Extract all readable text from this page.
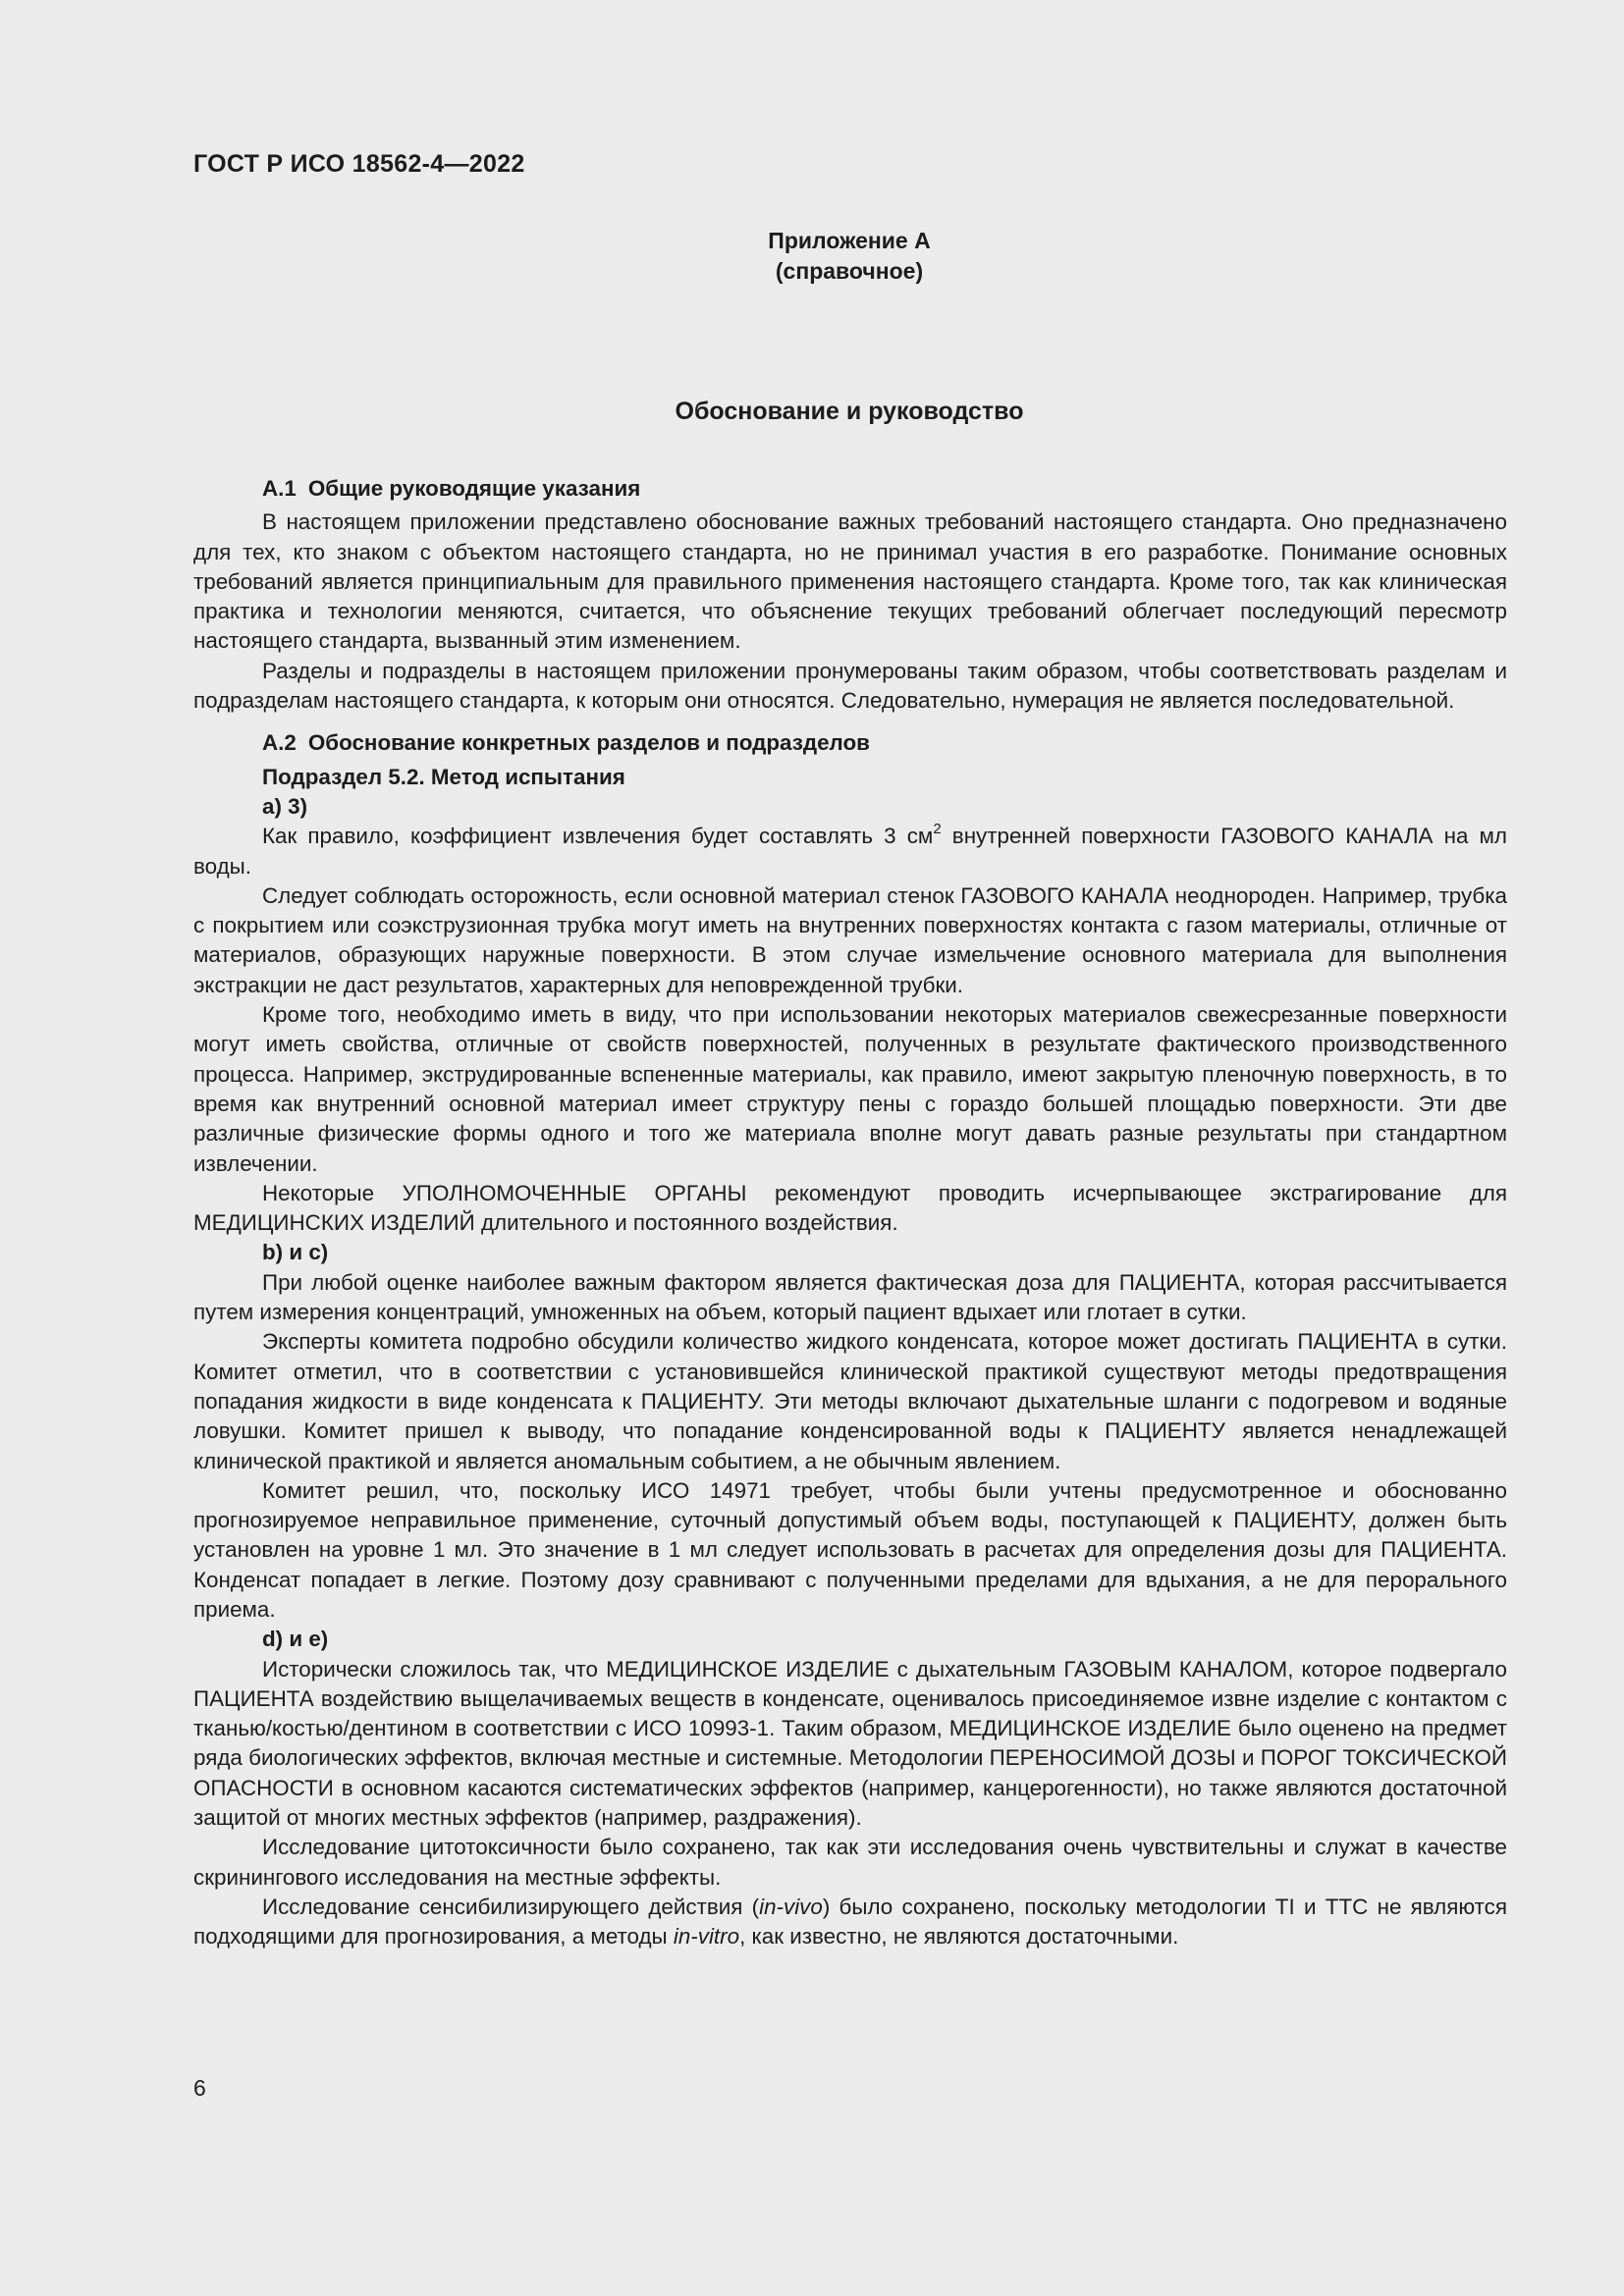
ГОСТ Р ИСО 18562-4—2022
Приложение А
(справочное)
Обоснование и руководство
А.1 Общие руководящие указания

В настоящем приложении представлено обоснование важных требований настоящего стандарта. Оно предназначено для тех, кто знаком с объектом настоящего стандарта, но не принимал участия в его разработке. Понимание основных требований является принципиальным для правильного применения настоящего стандарта. Кроме того, так как клиническая практика и технологии меняются, считается, что объяснение текущих требований облегчает последующий пересмотр настоящего стандарта, вызванный этим изменением.

Разделы и подразделы в настоящем приложении пронумерованы таким образом, чтобы соответствовать разделам и подразделам настоящего стандарта, к которым они относятся. Следовательно, нумерация не является последовательной.

А.2 Обоснование конкретных разделов и подразделов
Подраздел 5.2. Метод испытания
a) 3)

Как правило, коэффициент извлечения будет составлять 3 $см^2$ внутренней поверхности ГАЗОВОГО КАНАЛА на мл воды.

Следует соблюдать осторожность, если основной материал стенок ГАЗОВОГО КАНАЛА неоднороден. Например, трубка с покрытием или соэкструзионная трубка могут иметь на внутренних поверхностях контакта с газом материалы, отличные от материалов, образующих наружные поверхности. В этом случае измельчение основного материала для выполнения экстракции не даст результатов, характерных для неповрежденной трубки.

Кроме того, необходимо иметь в виду, что при использовании некоторых материалов свежесрезанные поверхности могут иметь свойства, отличные от свойств поверхностей, полученных в результате фактического производственного процесса. Например, экструдированные вспененные материалы, как правило, имеют закрытую пленочную поверхность, в то время как внутренний основной материал имеет структуру пены с гораздо большей площадью поверхности. Эти две различные физические формы одного и того же материала вполне могут давать разные результаты при стандартном извлечении.

Некоторые УПОЛНОМОЧЕННЫЕ ОРГАНЫ рекомендуют проводить исчерпывающее экстрагирование для МЕДИЦИНСКИХ ИЗДЕЛИЙ длительного и постоянного воздействия.

b) и c)

При любой оценке наиболее важным фактором является фактическая доза для ПАЦИЕНТА, которая рассчитывается путем измерения концентраций, умноженных на объем, который пациент вдыхает или глотает в сутки.

Эксперты комитета подробно обсудили количество жидкого конденсата, которое может достигать ПАЦИЕНТА в сутки. Комитет отметил, что в соответствии с установившейся клинической практикой существуют методы предотвращения попадания жидкости в виде конденсата к ПАЦИЕНТУ. Эти методы включают дыхательные шланги с подогревом и водяные ловушки. Комитет пришел к выводу, что попадание конденсированной воды к ПАЦИЕНТУ является ненадлежащей клинической практикой и является аномальным событием, а не обычным явлением.

Комитет решил, что, поскольку ИСО 14971 требует, чтобы были учтены предусмотренное и обоснованно прогнозируемое неправильное применение, суточный допустимый объем воды, поступающей к ПАЦИЕНТУ, должен быть установлен на уровне 1 мл. Это значение в 1 мл следует использовать в расчетах для определения дозы для ПАЦИЕНТА. Конденсат попадает в легкие. Поэтому дозу сравнивают с полученными пределами для вдыхания, а не для перорального приема.

d) и e)

Исторически сложилось так, что МЕДИЦИНСКОЕ ИЗДЕЛИЕ с дыхательным ГАЗОВЫМ КАНАЛОМ, которое подвергало ПАЦИЕНТА воздействию выщелачиваемых веществ в конденсате, оценивалось присоединяемое извне изделие с контактом с тканью/костью/дентином в соответствии с ИСО 10993-1. Таким образом, МЕДИЦИНСКОЕ ИЗДЕЛИЕ было оценено на предмет ряда биологических эффектов, включая местные и системные. Методологии ПЕРЕНОСИМОЙ ДОЗЫ и ПОРОГ ТОКСИЧЕСКОЙ ОПАСНОСТИ в основном касаются систематических эффектов (например, канцерогенности), но также являются достаточной защитой от многих местных эффектов (например, раздражения).

Исследование цитотоксичности было сохранено, так как эти исследования очень чувствительны и служат в качестве скринингового исследования на местные эффекты.

Исследование сенсибилизирующего действия (in-vivo) было сохранено, поскольку методологии TI и TTC не являются подходящими для прогнозирования, а методы in-vitro, как известно, не являются достаточными.

6
